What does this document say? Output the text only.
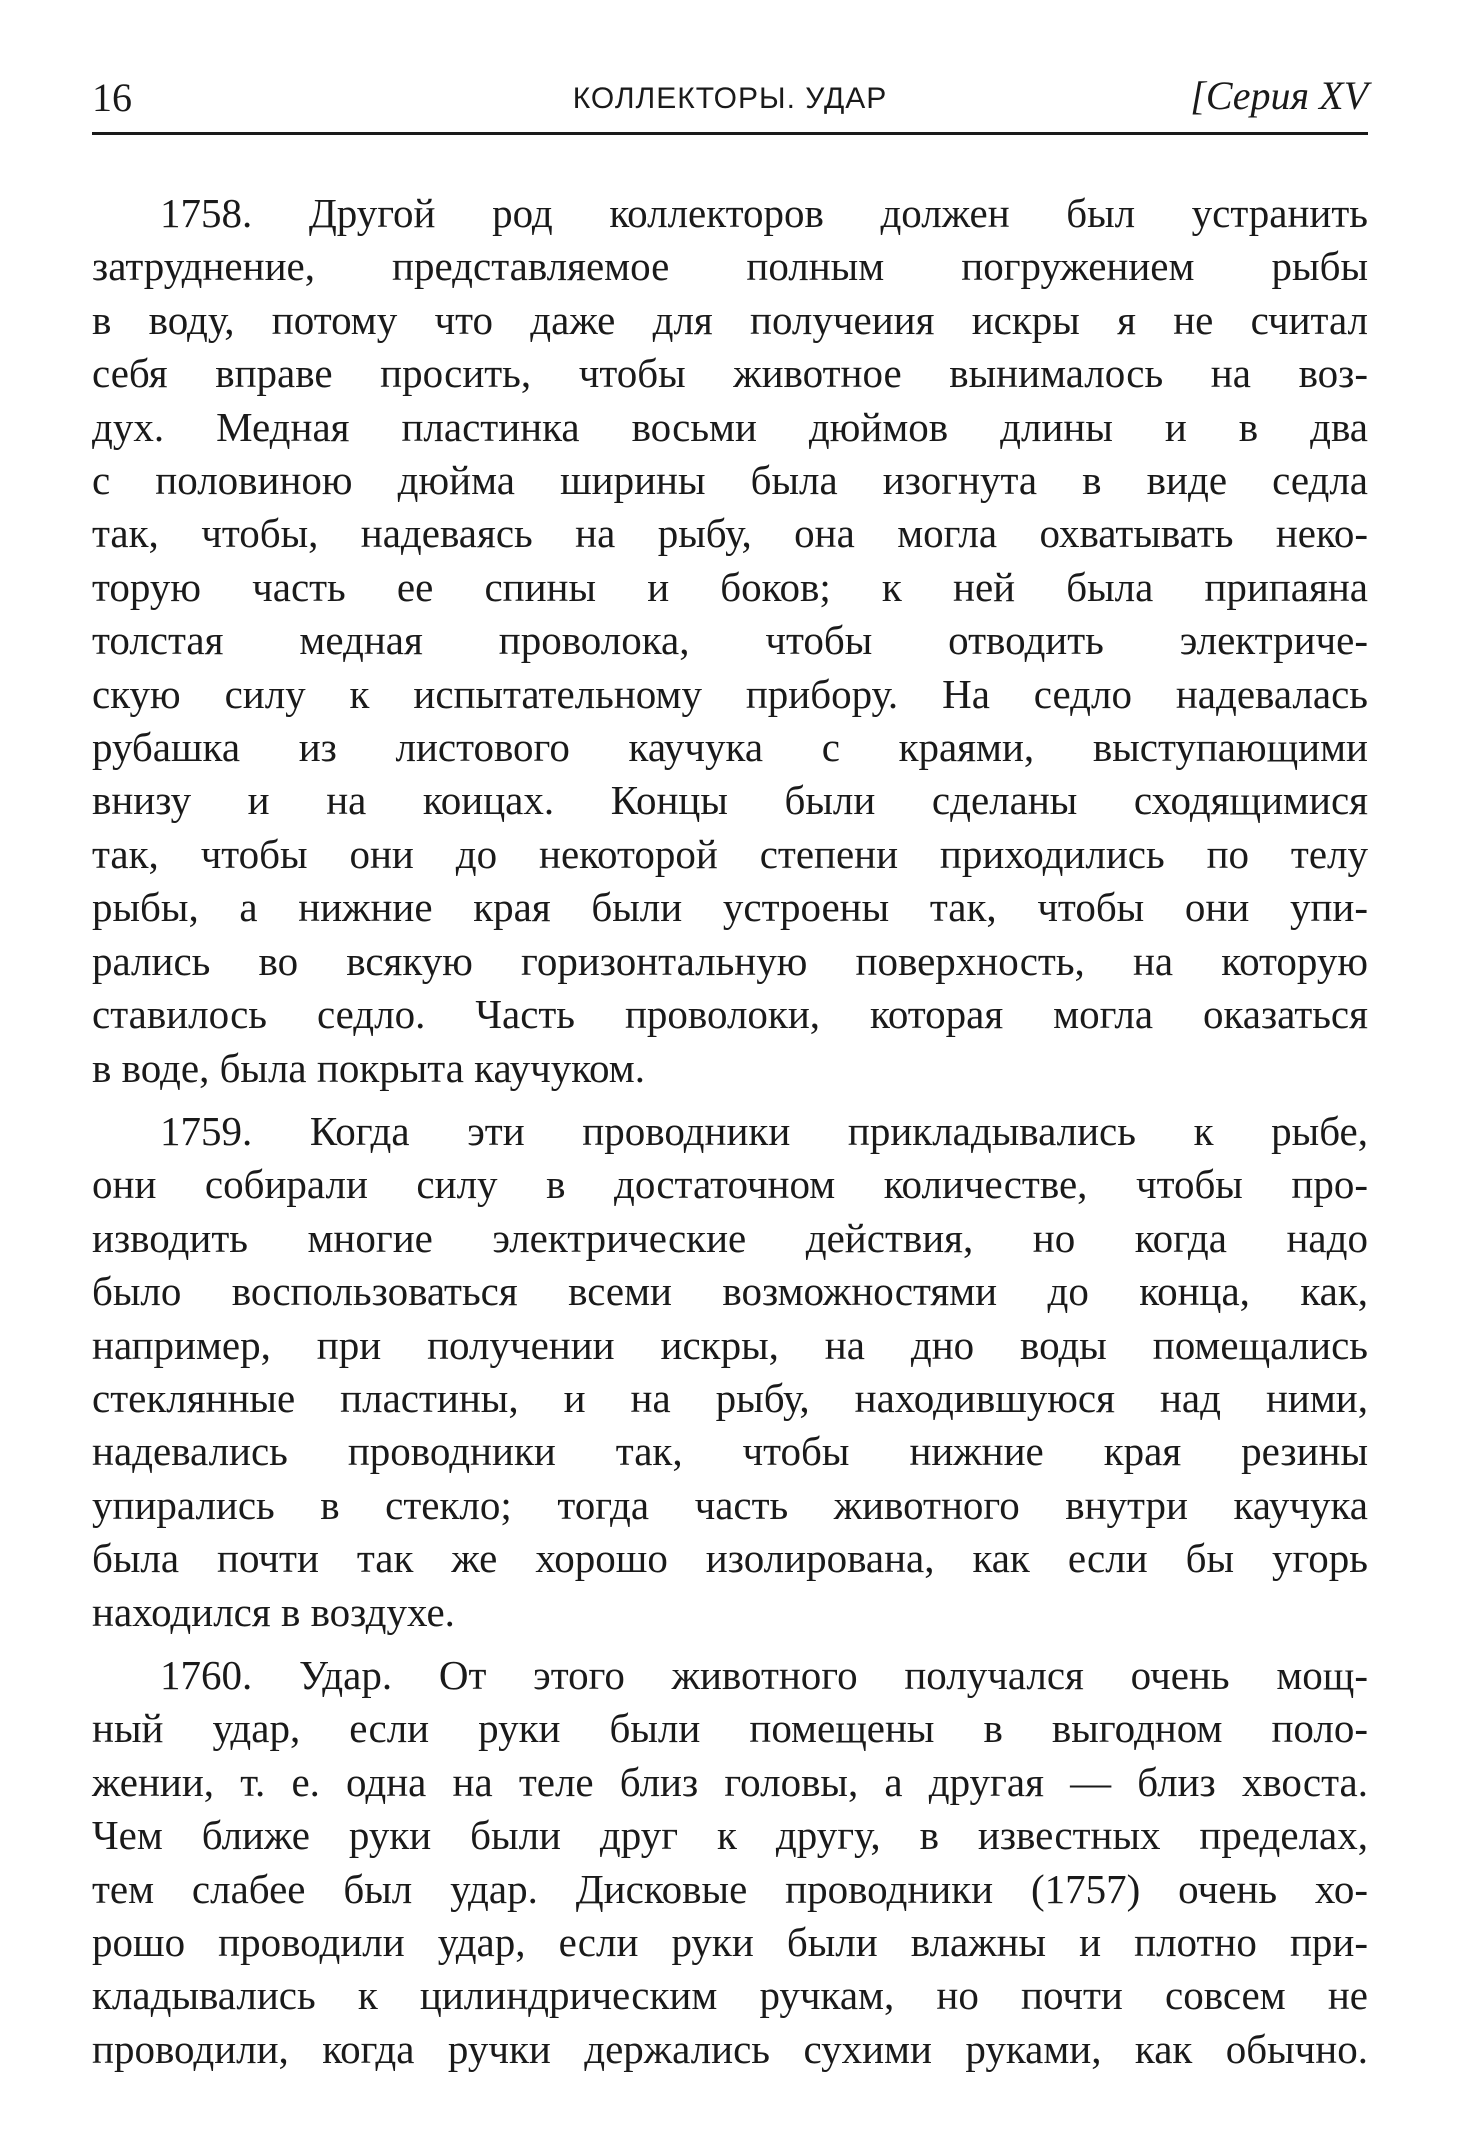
16	КОЛЛЕКТОРЫ. УДАР	[Серия XV

1758. Другой род коллекторов должен был устранить
затруднение, представляемое полным погружением рыбы
в воду, потому что даже для получеиия искры я не считал
себя вправе просить, чтобы животное вынималось на воз-
дух. Медная пластинка восьми дюймов длины и в два
с половиною дюйма ширины была изогнута в виде седла
так, чтобы, надеваясь на рыбу, она могла охватывать неко-
торую часть ее спины и боков; к ней была припаяна
толстая медная проволока, чтобы отводить электриче-
скую силу к испытательному прибору. На седло надевалась
рубашка из листового каучука с краями, выступающими
внизу и на коицах. Концы были сделаны сходящимися
так, чтобы они до некоторой степени приходились по телу
рыбы, а нижние края были устроены так, чтобы они упи-
рались во всякую горизонтальную поверхность, на которую
ставилось седло. Часть проволоки, которая могла оказаться
в воде, была покрыта каучуком.

1759. Когда эти проводники прикладывались к рыбе,
они собирали силу в достаточном количестве, чтобы про-
изводить многие электрические действия, но когда надо
было воспользоваться всеми возможностями до конца, как,
например, при получении искры, на дно воды помещались
стеклянные пластины, и на рыбу, находившуюся над ними,
надевались проводники так, чтобы нижние края резины
упирались в стекло; тогда часть животного внутри каучука
была почти так же хорошо изолирована, как если бы угорь
находился в воздухе.

1760. Удар. От этого животного получался очень мощ-
ный удар, если руки были помещены в выгодном поло-
жении, т. е. одна на теле близ головы, а другая — близ хвоста.
Чем ближе руки были друг к другу, в известных пределах,
тем слабее был удар. Дисковые проводники (1757) очень хо-
рошо проводили удар, если руки были влажны и плотно при-
кладывались к цилиндрическим ручкам, но почти совсем не
проводили, когда ручки держались сухими руками, как обычно.
